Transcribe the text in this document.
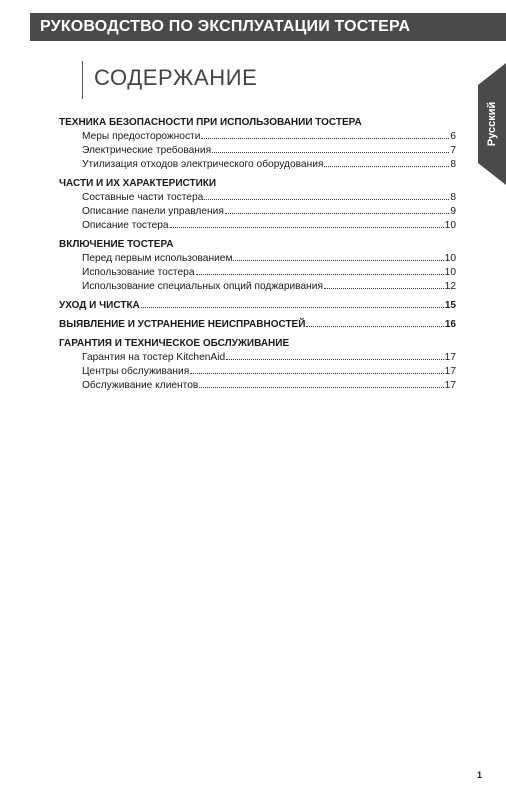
РУКОВОДСТВО ПО ЭКСПЛУАТАЦИИ ТОСТЕРА
Русский
СОДЕРЖАНИЕ
ТЕХНИКА БЕЗОПАСНОСТИ ПРИ ИСПОЛЬЗОВАНИИ ТОСТЕРА
Меры предосторожности	6
Электрические требования	7
Утилизация отходов электрического оборудования	8
ЧАСТИ И ИХ ХАРАКТЕРИСТИКИ
Составные части тостера	8
Описание панели управления	9
Описание тостера	10
ВКЛЮЧЕНИЕ ТОСТЕРА
Перед первым использованием	10
Использование тостера	10
Использование специальных опций поджаривания	12
УХОД И ЧИСТКА	15
ВЫЯВЛЕНИЕ И УСТРАНЕНИЕ НЕИСПРАВНОСТЕЙ	16
ГАРАНТИЯ И ТЕХНИЧЕСКОЕ ОБСЛУЖИВАНИЕ
Гарантия на тостер KitchenAid	17
Центры обслуживания	17
Обслуживание клиентов	17
1
